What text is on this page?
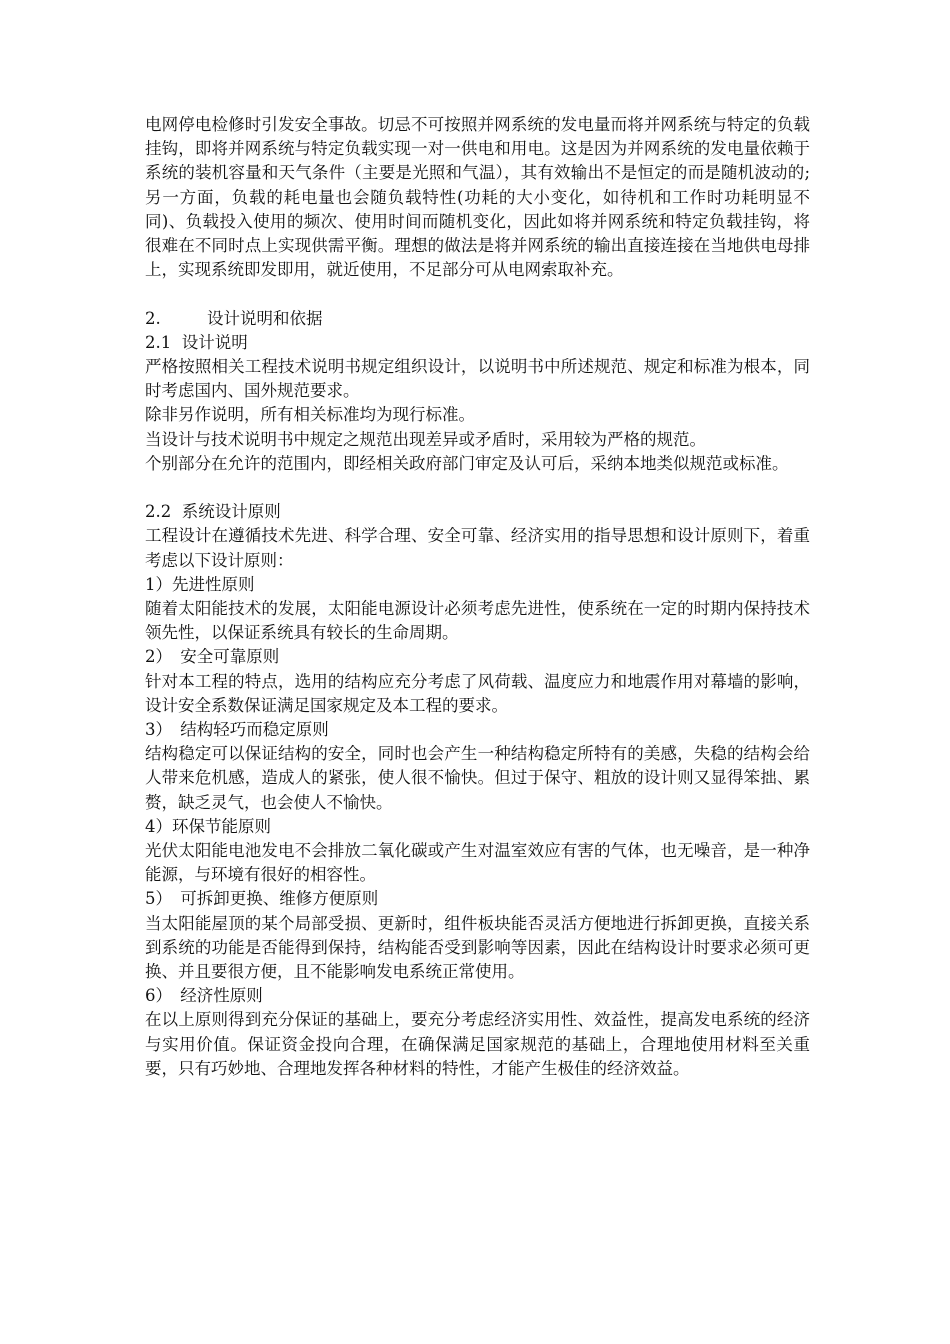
电网停电检修时引发安全事故。切忌不可按照并网系统的发电量而将并网系统与特定的负载挂钩，即将并网系统与特定负载实现一对一供电和用电。这是因为并网系统的发电量依赖于系统的装机容量和天气条件（主要是光照和气温），其有效输出不是恒定的而是随机波动的;另一方面，负载的耗电量也会随负载特性(功耗的大小变化，如待机和工作时功耗明显不同)、负载投入使用的频次、使用时间而随机变化，因此如将并网系统和特定负载挂钩，将很难在不同时点上实现供需平衡。理想的做法是将并网系统的输出直接连接在当地供电母排上，实现系统即发即用，就近使用，不足部分可从电网索取补充。

2.	设计说明和依据

2.1  设计说明

严格按照相关工程技术说明书规定组织设计，以说明书中所述规范、规定和标准为根本，同时考虑国内、国外规范要求。

除非另作说明，所有相关标准均为现行标准。

当设计与技术说明书中规定之规范出现差异或矛盾时，采用较为严格的规范。

个别部分在允许的范围内，即经相关政府部门审定及认可后，采纳本地类似规范或标准。

2.2  系统设计原则

工程设计在遵循技术先进、科学合理、安全可靠、经济实用的指导思想和设计原则下，着重考虑以下设计原则：

1）先进性原则

随着太阳能技术的发展，太阳能电源设计必须考虑先进性，使系统在一定的时期内保持技术领先性，以保证系统具有较长的生命周期。

2）　安全可靠原则

针对本工程的特点，选用的结构应充分考虑了风荷载、温度应力和地震作用对幕墙的影响，设计安全系数保证满足国家规定及本工程的要求。

3）　结构轻巧而稳定原则

结构稳定可以保证结构的安全，同时也会产生一种结构稳定所特有的美感，失稳的结构会给人带来危机感，造成人的紧张，使人很不愉快。但过于保守、粗放的设计则又显得笨拙、累赘，缺乏灵气，也会使人不愉快。

4）环保节能原则

光伏太阳能电池发电不会排放二氧化碳或产生对温室效应有害的气体，也无噪音，是一种净能源，与环境有很好的相容性。

5）　可拆卸更换、维修方便原则

当太阳能屋顶的某个局部受损、更新时，组件板块能否灵活方便地进行拆卸更换，直接关系到系统的功能是否能得到保持，结构能否受到影响等因素，因此在结构设计时要求必须可更换、并且要很方便，且不能影响发电系统正常使用。

6）　经济性原则

在以上原则得到充分保证的基础上，要充分考虑经济实用性、效益性，提高发电系统的经济与实用价值。保证资金投向合理，在确保满足国家规范的基础上，合理地使用材料至关重要，只有巧妙地、合理地发挥各种材料的特性，才能产生极佳的经济效益。
